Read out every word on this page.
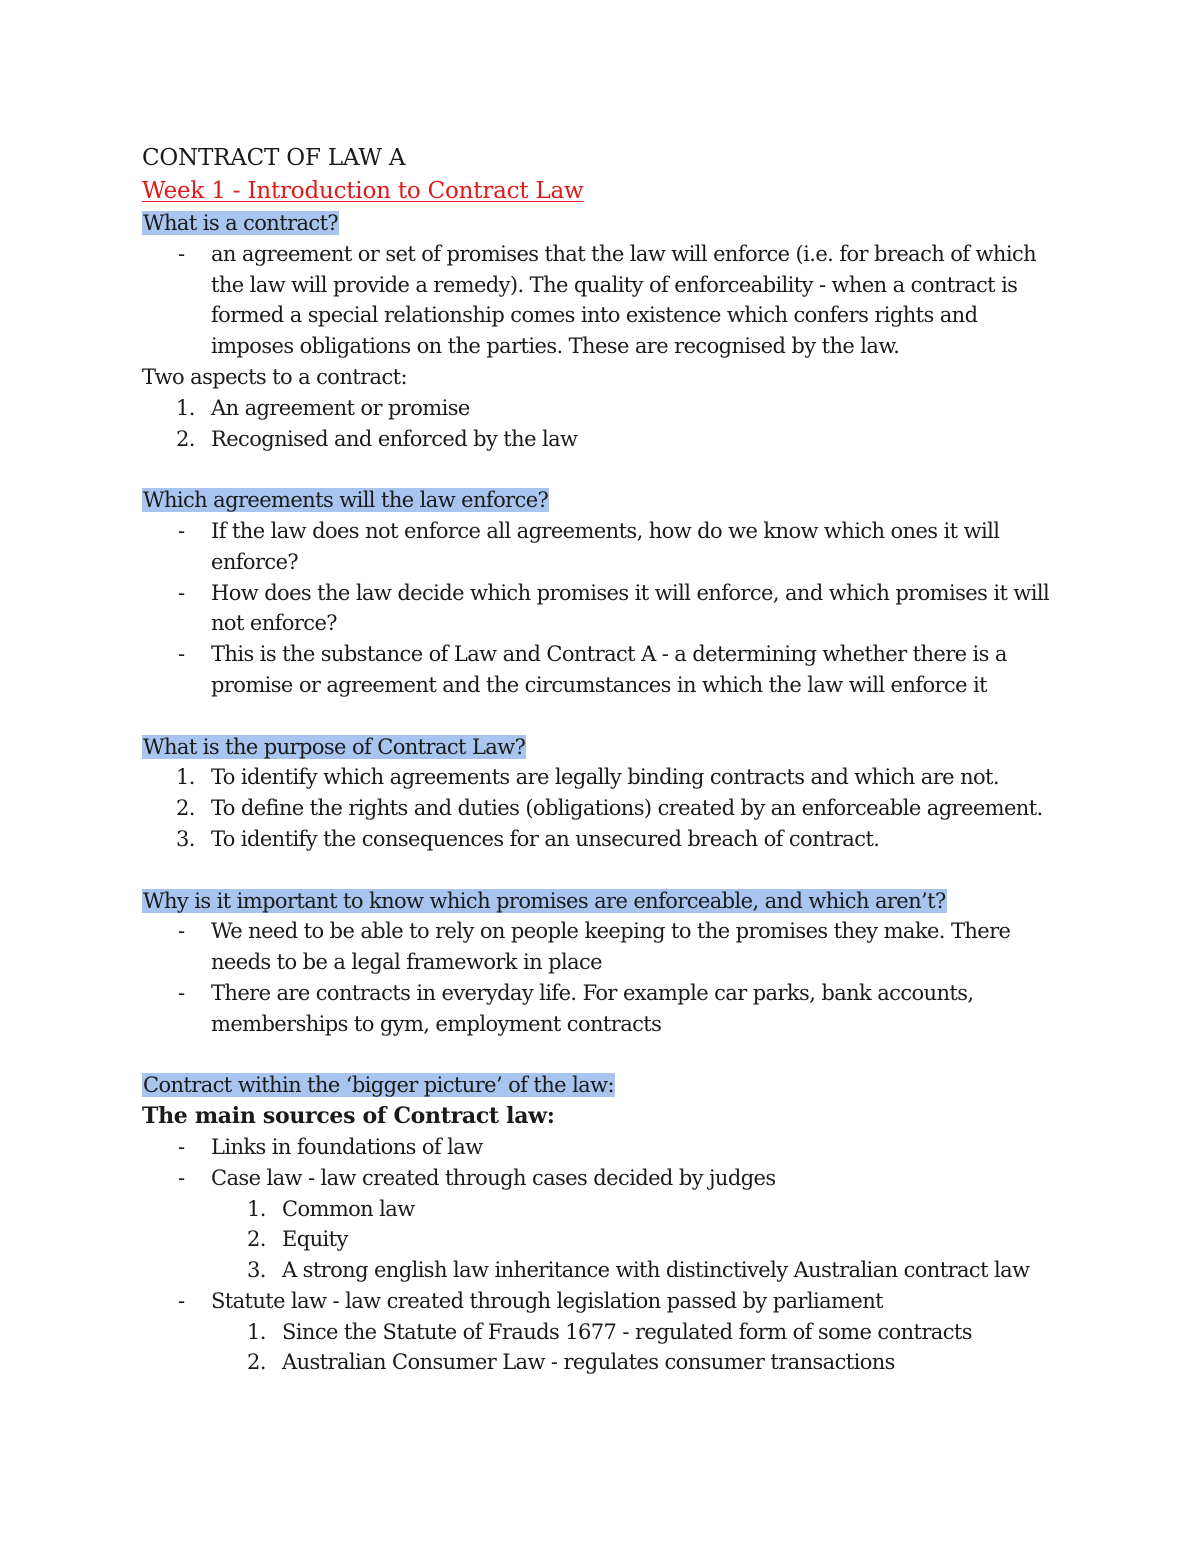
CONTRACT OF LAW A
Week 1 - Introduction to Contract Law

What is a contract?

- an agreement or set of promises that the law will enforce (i.e. for breach of which the law will provide a remedy). The quality of enforceability - when a contract is formed a special relationship comes into existence which confers rights and imposes obligations on the parties. These are recognised by the law.

Two aspects to a contract:

1. An agreement or promise
2. Recognised and enforced by the law

Which agreements will the law enforce?

- If the law does not enforce all agreements, how do we know which ones it will enforce?
- How does the law decide which promises it will enforce, and which promises it will not enforce?
- This is the substance of Law and Contract A - a determining whether there is a promise or agreement and the circumstances in which the law will enforce it

What is the purpose of Contract Law?

1. To identify which agreements are legally binding contracts and which are not.
2. To define the rights and duties (obligations) created by an enforceable agreement.
3. To identify the consequences for an unsecured breach of contract.

Why is it important to know which promises are enforceable, and which aren’t?

- We need to be able to rely on people keeping to the promises they make. There needs to be a legal framework in place
- There are contracts in everyday life. For example car parks, bank accounts, memberships to gym, employment contracts

Contract within the ‘bigger picture’ of the law:

The main sources of Contract law:

- Links in foundations of law
- Case law - law created through cases decided by judges
1. Common law
2. Equity
3. A strong english law inheritance with distinctively Australian contract law
- Statute law - law created through legislation passed by parliament
1. Since the Statute of Frauds 1677 - regulated form of some contracts
2. Australian Consumer Law - regulates consumer transactions
